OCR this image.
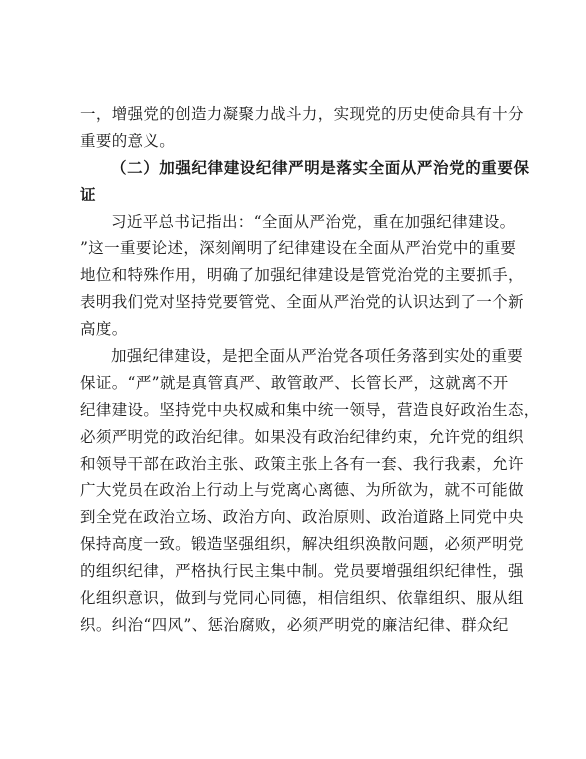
一，增强党的创造力凝聚力战斗力，实现党的历史使命具有十分
重要的意义。
（二）加强纪律建设纪律严明是落实全面从严治党的重要保
证
习近平总书记指出：“全面从严治党，重在加强纪律建设。
”这一重要论述，深刻阐明了纪律建设在全面从严治党中的重要
地位和特殊作用，明确了加强纪律建设是管党治党的主要抓手，
表明我们党对坚持党要管党、全面从严治党的认识达到了一个新
高度。
加强纪律建设，是把全面从严治党各项任务落到实处的重要
保证。“严”就是真管真严、敢管敢严、长管长严，这就离不开
纪律建设。坚持党中央权威和集中统一领导，营造良好政治生态，
必须严明党的政治纪律。如果没有政治纪律约束，允许党的组织
和领导干部在政治主张、政策主张上各有一套、我行我素，允许
广大党员在政治上行动上与党离心离德、为所欲为，就不可能做
到全党在政治立场、政治方向、政治原则、政治道路上同党中央
保持高度一致。锻造坚强组织，解决组织涣散问题，必须严明党
的组织纪律，严格执行民主集中制。党员要增强组织纪律性，强
化组织意识，做到与党同心同德，相信组织、依靠组织、服从组
织。纠治“四风”、惩治腐败，必须严明党的廉洁纪律、群众纪
